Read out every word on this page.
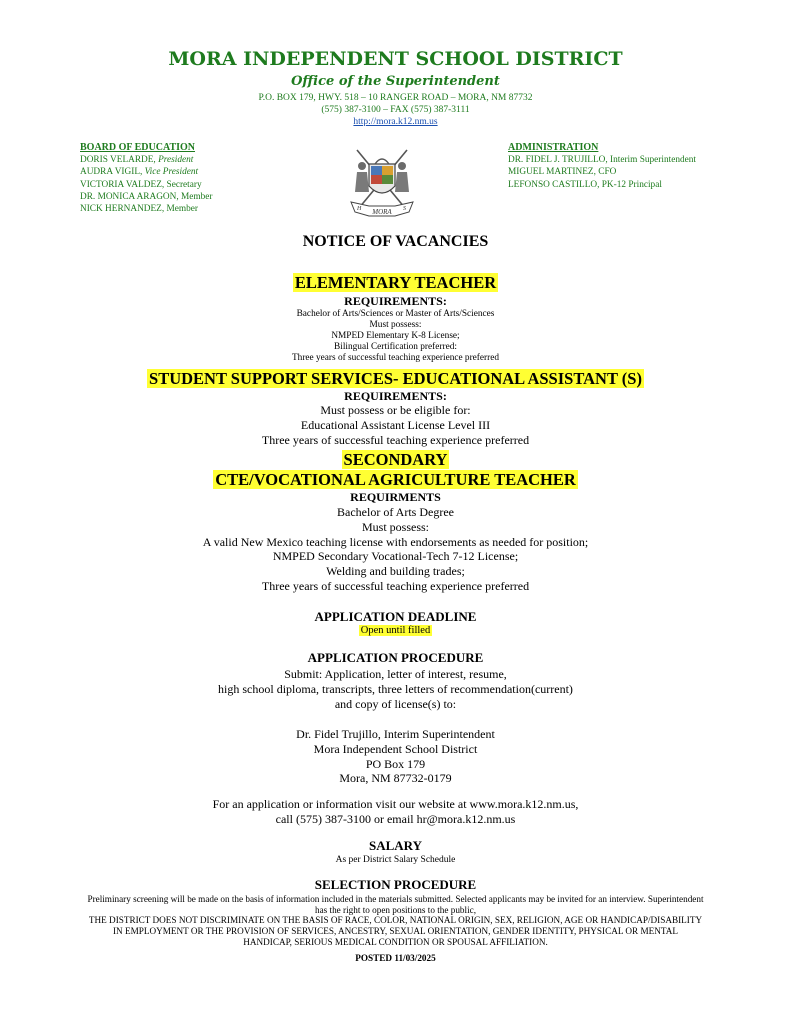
MORA INDEPENDENT SCHOOL DISTRICT
Office of the Superintendent
P.O. BOX 179, HWY. 518 – 10 RANGER ROAD – MORA, NM 87732
(575) 387-3100 – FAX (575) 387-3111
http://mora.k12.nm.us
BOARD OF EDUCATION
DORIS VELARDE, President
AUDRA VIGIL, Vice President
VICTORIA VALDEZ, Secretary
DR. MONICA ARAGON, Member
NICK HERNANDEZ, Member	H	S
MORA
ADMINISTRATION
DR. FIDEL J. TRUJILLO, Interim Superintendent
MIGUEL MARTINEZ, CFO
LEFONSO CASTILLO, PK-12 Principal
NOTICE OF VACANCIES
ELEMENTARY TEACHER
REQUIREMENTS:
Bachelor of Arts/Sciences or Master of Arts/Sciences
Must possess:
NMPED Elementary K-8 License;
Bilingual Certification preferred:
Three years of successful teaching experience preferred
STUDENT SUPPORT SERVICES- EDUCATIONAL ASSISTANT (S)
REQUIREMENTS:
Must possess or be eligible for:
Educational Assistant License Level III
Three years of successful teaching experience preferred
SECONDARY
CTE/VOCATIONAL AGRICULTURE TEACHER
REQUIRMENTS
Bachelor of Arts Degree
Must possess:
A valid New Mexico teaching license with endorsements as needed for position;
NMPED Secondary Vocational-Tech 7-12 License;
Welding and building trades;
Three years of successful teaching experience preferred
APPLICATION DEADLINE
Open until filled
APPLICATION PROCEDURE
Submit: Application, letter of interest, resume,
high school diploma, transcripts, three letters of recommendation(current)
and copy of license(s) to:
Dr. Fidel Trujillo, Interim Superintendent
Mora Independent School District
PO Box 179
Mora, NM 87732-0179
For an application or information visit our website at www.mora.k12.nm.us,
call (575) 387-3100 or email hr@mora.k12.nm.us
SALARY
As per District Salary Schedule
SELECTION PROCEDURE
Preliminary screening will be made on the basis of information included in the materials submitted. Selected applicants may be invited for an interview. Superintendent
has the right to open positions to the public,
THE DISTRICT DOES NOT DISCRIMINATE ON THE BASIS OF RACE, COLOR, NATIONAL ORIGIN, SEX, RELIGION, AGE OR HANDICAP/DISABILITY
IN EMPLOYMENT OR THE PROVISION OF SERVICES, ANCESTRY, SEXUAL ORIENTATION, GENDER IDENTITY, PHYSICAL OR MENTAL
HANDICAP, SERIOUS MEDICAL CONDITION OR SPOUSAL AFFILIATION.
POSTED 11/03/2025
